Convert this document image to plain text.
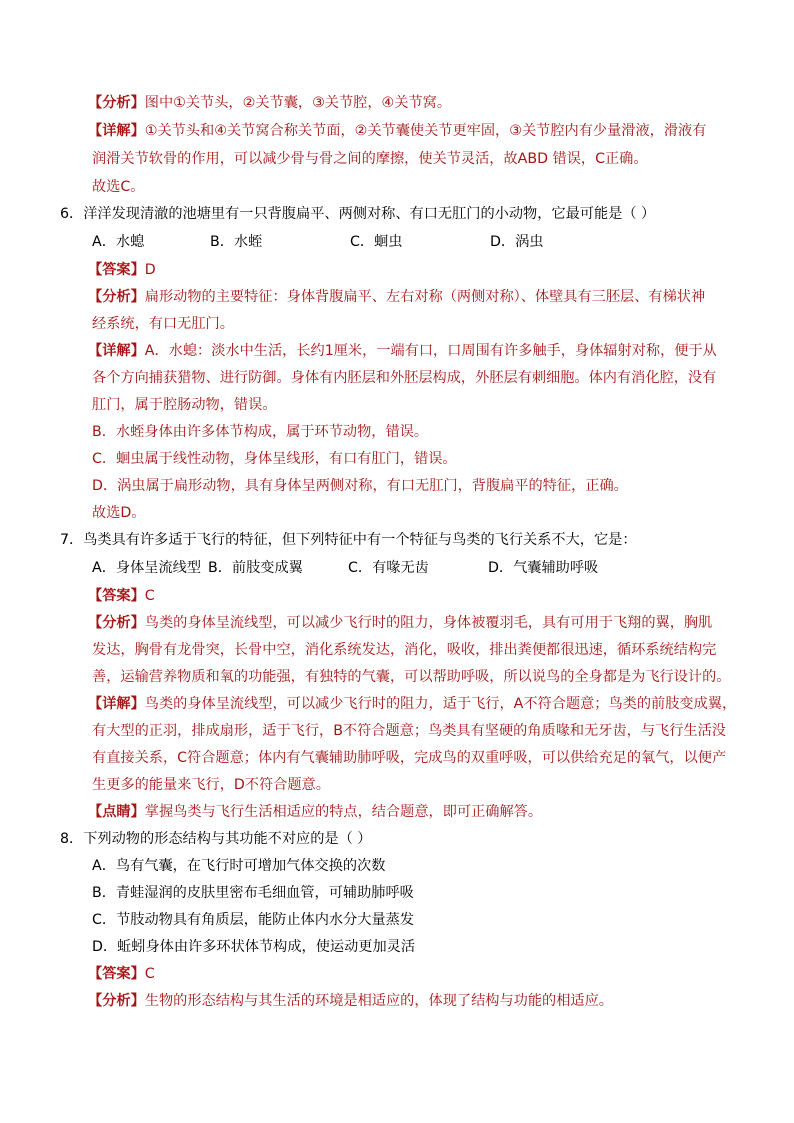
【分析】图中①关节头，②关节囊，③关节腔，④关节窝。
【详解】①关节头和④关节窝合称关节面，②关节囊使关节更牢固，③关节腔内有少量滑液，滑液有
润滑关节软骨的作用，可以减少骨与骨之间的摩擦，使关节灵活，故ABD 错误，C正确。
故选C。
6．洋洋发现清澈的池塘里有一只背腹扁平、两侧对称、有口无肛门的小动物，它最可能是（ ）
【答案】D
【分析】扁形动物的主要特征：身体背腹扁平、左右对称（两侧对称）、体壁具有三胚层、有梯状神
经系统，有口无肛门。
【详解】A．水螅：淡水中生活，长约1厘米，一端有口，口周围有许多触手，身体辐射对称，便于从
各个方向捕获猎物、进行防御。身体有内胚层和外胚层构成，外胚层有刺细胞。体内有消化腔，没有
肛门，属于腔肠动物，错误。
B．水蛭身体由许多体节构成，属于环节动物，错误。
C．蛔虫属于线性动物，身体呈线形，有口有肛门，错误。
D．涡虫属于扁形动物，具有身体呈两侧对称，有口无肛门，背腹扁平的特征，正确。
故选D。
7．鸟类具有许多适于飞行的特征，但下列特征中有一个特征与鸟类的飞行关系不大，它是：
【答案】C
【分析】鸟类的身体呈流线型，可以减少飞行时的阻力，身体被覆羽毛，具有可用于飞翔的翼，胸肌
发达，胸骨有龙骨突，长骨中空，消化系统发达，消化，吸收，排出粪便都很迅速，循环系统结构完
善，运输营养物质和氧的功能强，有独特的气囊，可以帮助呼吸，所以说鸟的全身都是为飞行设计的。
【详解】鸟类的身体呈流线型，可以减少飞行时的阻力，适于飞行，A不符合题意；鸟类的前肢变成翼，
有大型的正羽，排成扇形，适于飞行，B不符合题意；鸟类具有坚硬的角质喙和无牙齿，与飞行生活没
有直接关系，C符合题意；体内有气囊辅助肺呼吸，完成鸟的双重呼吸，可以供给充足的氧气，以便产
生更多的能量来飞行，D不符合题意。
【点睛】掌握鸟类与飞行生活相适应的特点，结合题意，即可正确解答。
8．下列动物的形态结构与其功能不对应的是（ ）
A．鸟有气囊，在飞行时可增加气体交换的次数
B．青蛙湿润的皮肤里密布毛细血管，可辅助肺呼吸
C．节肢动物具有角质层，能防止体内水分大量蒸发
D．蚯蚓身体由许多环状体节构成，使运动更加灵活
【答案】C
【分析】生物的形态结构与其生活的环境是相适应的，体现了结构与功能的相适应。
A．水螅	B．水蛭	C．蛔虫	D．涡虫
A．身体呈流线型 B．前肢变成翼	C．有喙无齿	D．气囊辅助呼吸
